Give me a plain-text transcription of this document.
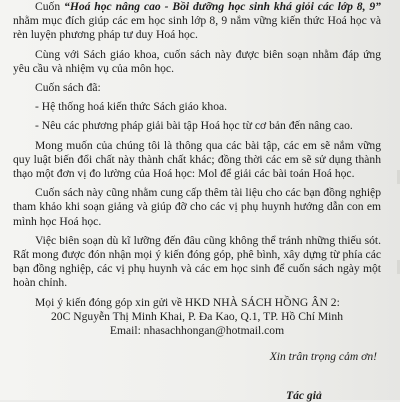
Cuốn “Hoá học nâng cao - Bồi dưỡng học sinh khá giỏi các lớp 8, 9” nhằm mục đích giúp các em học sinh lớp 8, 9 nắm vững kiến thức Hoá học và rèn luyện phương pháp tư duy Hoá học.

Cùng với Sách giáo khoa, cuốn sách này được biên soạn nhằm đáp ứng yêu cầu và nhiệm vụ của môn học.

Cuốn sách đã:

- Hệ thống hoá kiến thức Sách giáo khoa.

- Nêu các phương pháp giải bài tập Hoá học từ cơ bản đến nâng cao.

Mong muốn của chúng tôi là thông qua các bài tập, các em sẽ nắm vững quy luật biến đổi chất này thành chất khác; đồng thời các em sẽ sử dụng thành thạo một đơn vị đo lường của Hoá học: Mol để giải các bài toán Hoá học.

Cuốn sách này cũng nhằm cung cấp thêm tài liệu cho các bạn đồng nghiệp tham khảo khi soạn giảng và giúp đỡ cho các vị phụ huynh hướng dẫn con em mình học Hoá học.

Việc biên soạn dù kĩ lưỡng đến đâu cũng không thể tránh những thiếu sót. Rất mong được đón nhận mọi ý kiến đóng góp, phê bình, xây dựng từ phía các bạn đồng nghiệp, các vị phụ huynh và các em học sinh để cuốn sách ngày một hoàn chỉnh.

Mọi ý kiến đóng góp xin gửi về HKD NHÀ SÁCH HỒNG ÂN 2:

20C Nguyễn Thị Minh Khai, P. Đa Kao, Q.1, TP. Hồ Chí Minh

Email: nhasachhongan@hotmail.com

Xin trân trọng cảm ơn!

Tác giả
